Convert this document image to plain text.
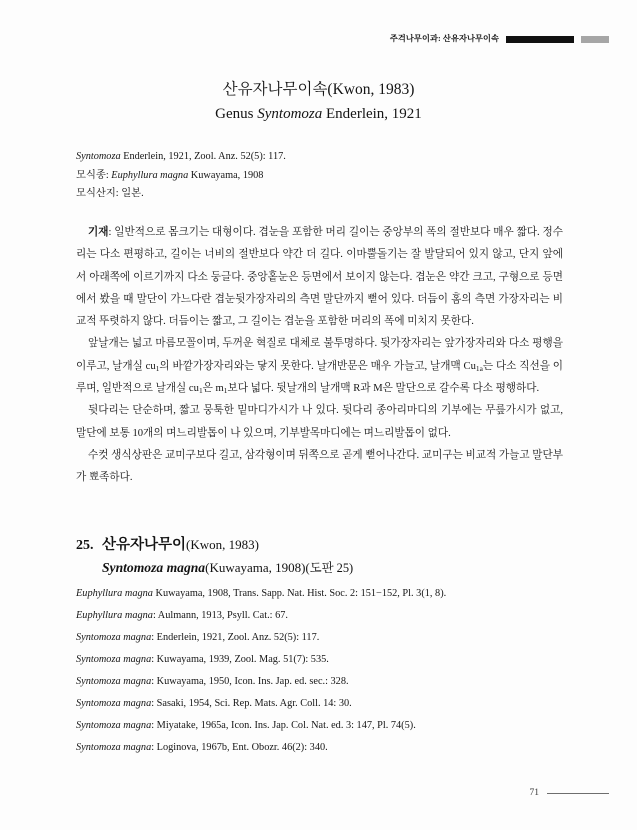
주걱나무이과: 산유자나무이속
산유자나무이속(Kwon, 1983)
Genus Syntomoza Enderlein, 1921
Syntomoza Enderlein, 1921, Zool. Anz. 52(5): 117.
모식종: Euphyllura magna Kuwayama, 1908
모식산지: 일본.

기재: 일반적으로 몸크기는 대형이다. 겹눈을 포함한 머리 길이는 중앙부의 폭의 절반보다 매우 짧다. 정수리는 다소 편평하고, 길이는 너비의 절반보다 약간 더 길다. 이마뿔돌기는 잘 발달되어 있지 않고, 단지 앞에서 아래쪽에 이르기까지 다소 둥글다. 중앙홑눈은 등면에서 보이지 않는다. 겹눈은 약간 크고, 구형으로 등면에서 봤을 때 말단이 가느다란 겹눈뒷가장자리의 측면 말단까지 뻗어 있다. 더듬이 홈의 측면 가장자리는 비교적 뚜렷하지 않다. 더듬이는 짧고, 그 길이는 겹눈을 포함한 머리의 폭에 미치지 못한다.

앞날개는 넓고 마름모꼴이며, 두꺼운 혁질로 대체로 불투명하다. 뒷가장자리는 앞가장자리와 다소 평행을 이루고, 날개실 $cu_1$의 바깥가장자리와는 닿지 못한다. 날개반문은 매우 가늘고, 날개맥 $Cu_{1a}$는 다소 직선을 이루며, 일반적으로 날개실 $cu_1$은 $m_1$보다 넓다. 뒷날개의 날개맥 R과 M은 말단으로 갈수록 다소 평행하다.

뒷다리는 단순하며, 짧고 뭉툭한 밑마디가시가 나 있다. 뒷다리 종아리마디의 기부에는 무릎가시가 없고, 말단에 보통 10개의 며느리발톱이 나 있으며, 기부발목마디에는 며느리발톱이 없다.

수컷 생식상판은 교미구보다 길고, 삼각형이며 뒤쪽으로 곧게 뻗어나간다. 교미구는 비교적 가늘고 말단부가 뾰족하다.

25. 산유자나무이(Kwon, 1983)
Syntomoza magna(Kuwayama, 1908)(도판 25)
Euphyllura magna Kuwayama, 1908, Trans. Sapp. Nat. Hist. Soc. 2: 151−152, Pl. 3(1, 8).
Euphyllura magna: Aulmann, 1913, Psyll. Cat.: 67.
Syntomoza magna: Enderlein, 1921, Zool. Anz. 52(5): 117.
Syntomoza magna: Kuwayama, 1939, Zool. Mag. 51(7): 535.
Syntomoza magna: Kuwayama, 1950, Icon. Ins. Jap. ed. sec.: 328.
Syntomoza magna: Sasaki, 1954, Sci. Rep. Mats. Agr. Coll. 14: 30.
Syntomoza magna: Miyatake, 1965a, Icon. Ins. Jap. Col. Nat. ed. 3: 147, Pl. 74(5).
Syntomoza magna: Loginova, 1967b, Ent. Obozr. 46(2): 340.
71
